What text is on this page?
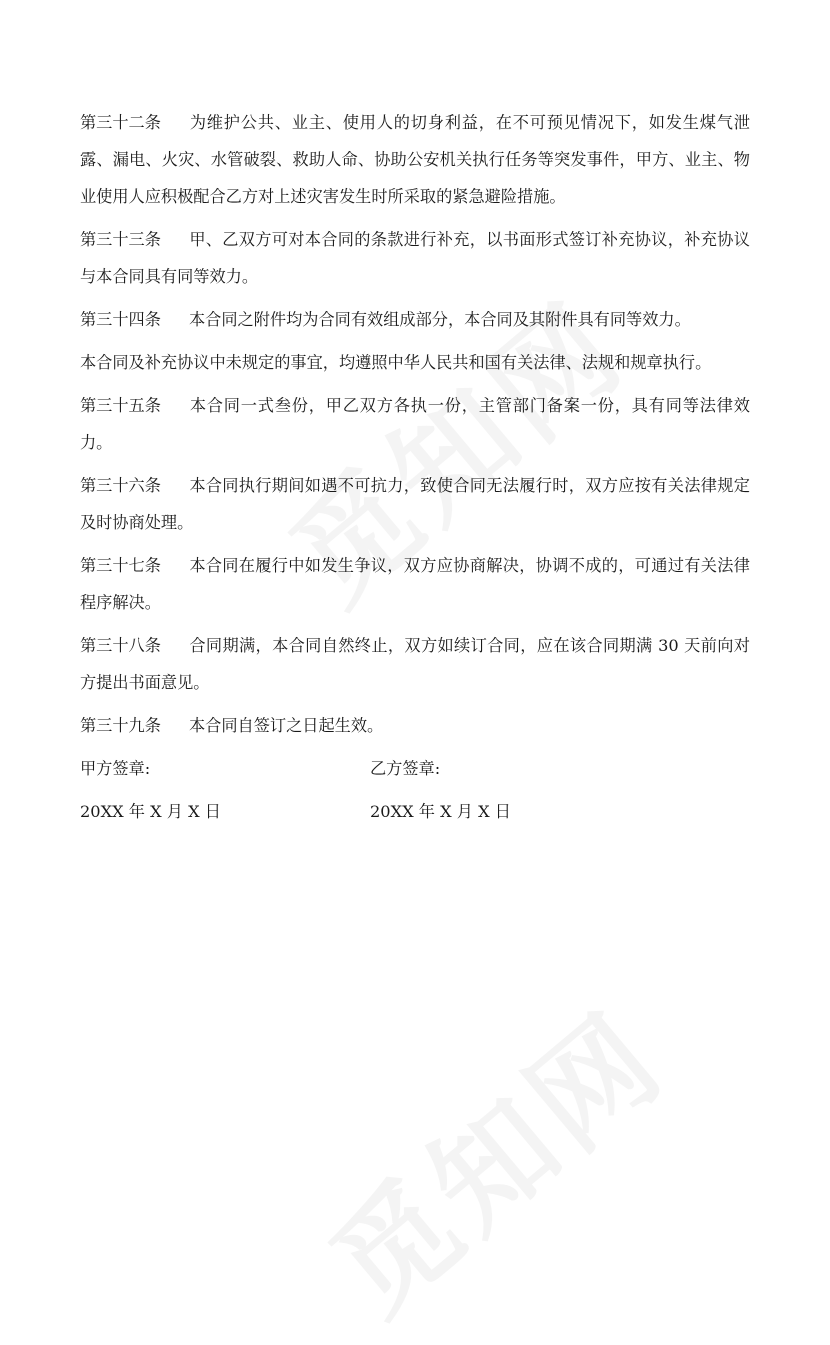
第三十二条 为维护公共、业主、使用人的切身利益，在不可预见情况下，如发生煤气泄露、漏电、火灾、水管破裂、救助人命、协助公安机关执行任务等突发事件，甲方、业主、物业使用人应积极配合乙方对上述灾害发生时所采取的紧急避险措施。

第三十三条 甲、乙双方可对本合同的条款进行补充，以书面形式签订补充协议，补充协议与本合同具有同等效力。

第三十四条 本合同之附件均为合同有效组成部分，本合同及其附件具有同等效力。

本合同及补充协议中未规定的事宜，均遵照中华人民共和国有关法律、法规和规章执行。

第三十五条 本合同一式叁份，甲乙双方各执一份，主管部门备案一份，具有同等法律效力。

第三十六条 本合同执行期间如遇不可抗力，致使合同无法履行时，双方应按有关法律规定及时协商处理。

第三十七条 本合同在履行中如发生争议，双方应协商解决，协调不成的，可通过有关法律程序解决。

第三十八条 合同期满，本合同自然终止，双方如续订合同，应在该合同期满 30 天前向对方提出书面意见。

第三十九条 本合同自签订之日起生效。

甲方签章:	乙方签章:
20XX 年 X 月 X 日	20XX 年 X 月 X 日
